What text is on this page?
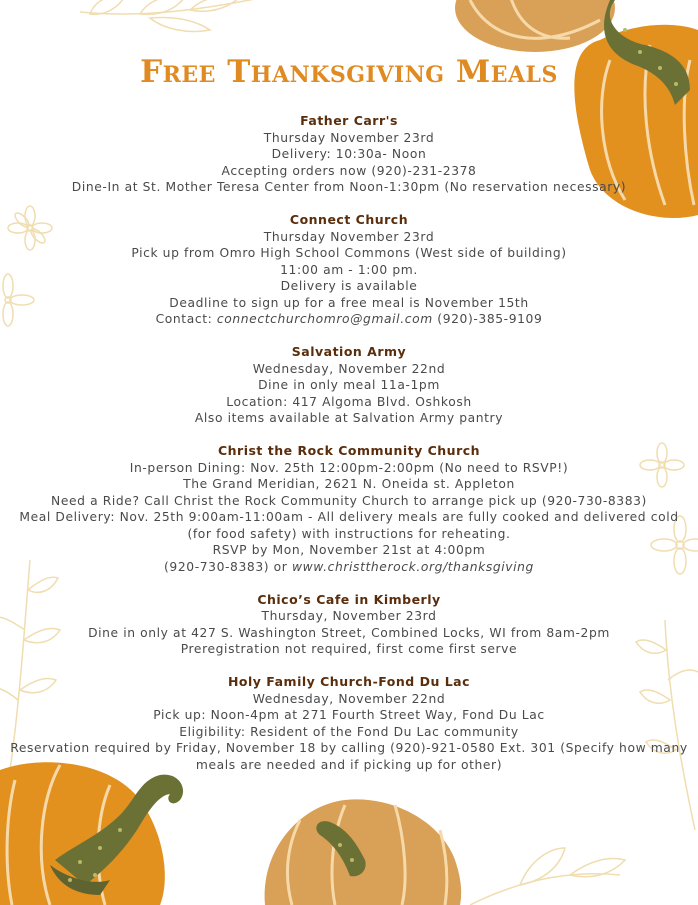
Free Thanksgiving Meals
Father Carr's
Thursday November 23rd
Delivery: 10:30a- Noon
Accepting orders now (920)-231-2378
Dine-In at St. Mother Teresa Center from Noon-1:30pm (No reservation necessary)
Connect Church
Thursday November 23rd
Pick up from Omro High School Commons (West side of building)
11:00 am - 1:00 pm.
Delivery is available
Deadline to sign up for a free meal is November 15th
Contact: connectchurchomro@gmail.com (920)-385-9109
Salvation Army
Wednesday, November 22nd
Dine in only meal 11a-1pm
Location: 417 Algoma Blvd. Oshkosh
Also items available at Salvation Army pantry
Christ the Rock Community Church
In-person Dining: Nov. 25th 12:00pm-2:00pm (No need to RSVP!)
The Grand Meridian, 2621 N. Oneida st. Appleton
Need a Ride? Call Christ the Rock Community Church to arrange pick up (920-730-8383)
Meal Delivery: Nov. 25th 9:00am-11:00am - All delivery meals are fully cooked and delivered cold (for food safety) with instructions for reheating.
RSVP by Mon, November 21st at 4:00pm
(920-730-8383) or www.christtherock.org/thanksgiving
Chico’s Cafe in Kimberly
Thursday, November 23rd
Dine in only at 427 S. Washington Street, Combined Locks, WI from 8am-2pm
Preregistration not required, first come first serve
Holy Family Church-Fond Du Lac
Wednesday, November 22nd
Pick up: Noon-4pm at 271 Fourth Street Way, Fond Du Lac
Eligibility: Resident of the Fond Du Lac community
Reservation required by Friday, November 18 by calling (920)-921-0580 Ext. 301 (Specify how many meals are needed and if picking up for other)
